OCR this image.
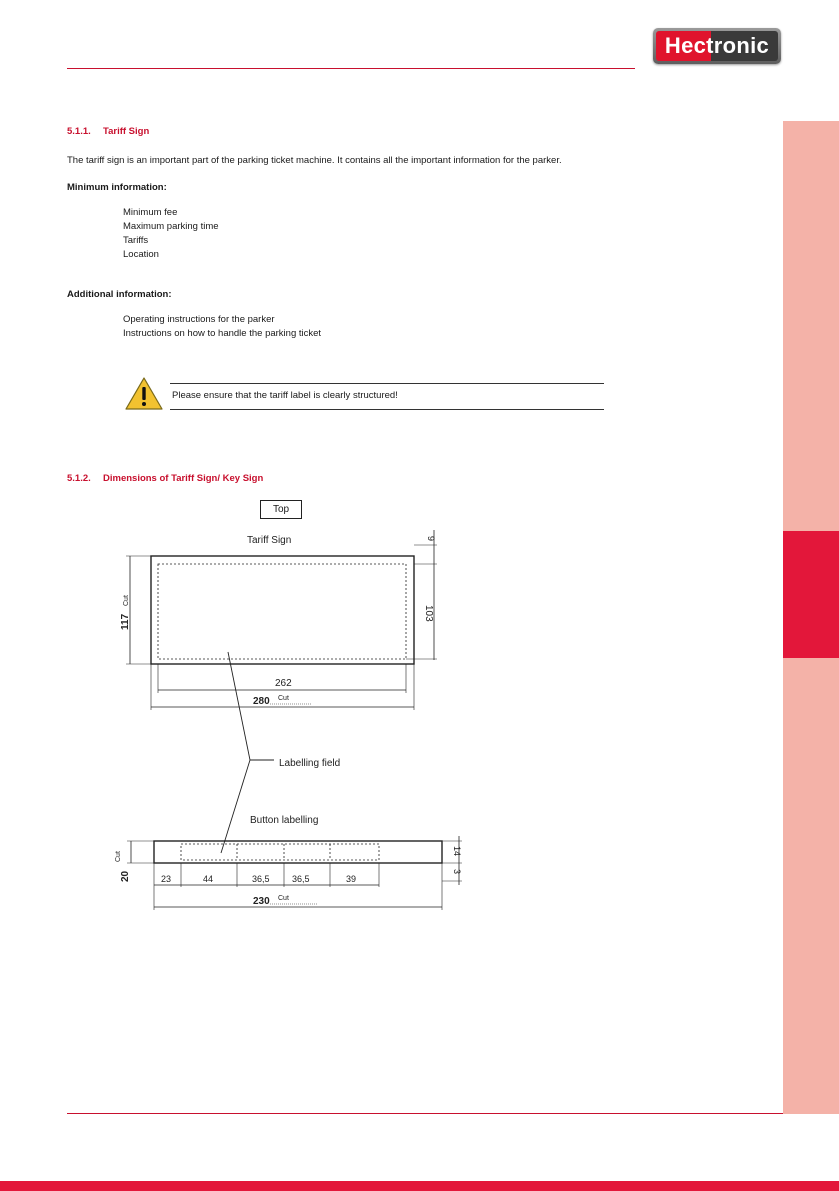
Hectronic
5.1.1. Tariff Sign
The tariff sign is an important part of the parking ticket machine. It contains all the important information for the parker.
Minimum information:
Minimum fee
Maximum parking time
Tariffs
Location
Additional information:
Operating instructions for the parker
Instructions on how to handle the parking ticket
Please ensure that the tariff label is clearly structured!
5.1.2. Dimensions of Tariff Sign/ Key Sign
Top
Tariff Sign	9
103
117
Cut
262
280 Cut
Labelling field
Button labelling
20
Cut
14
3
23	44	36,5 36,5	39
230 Cut
